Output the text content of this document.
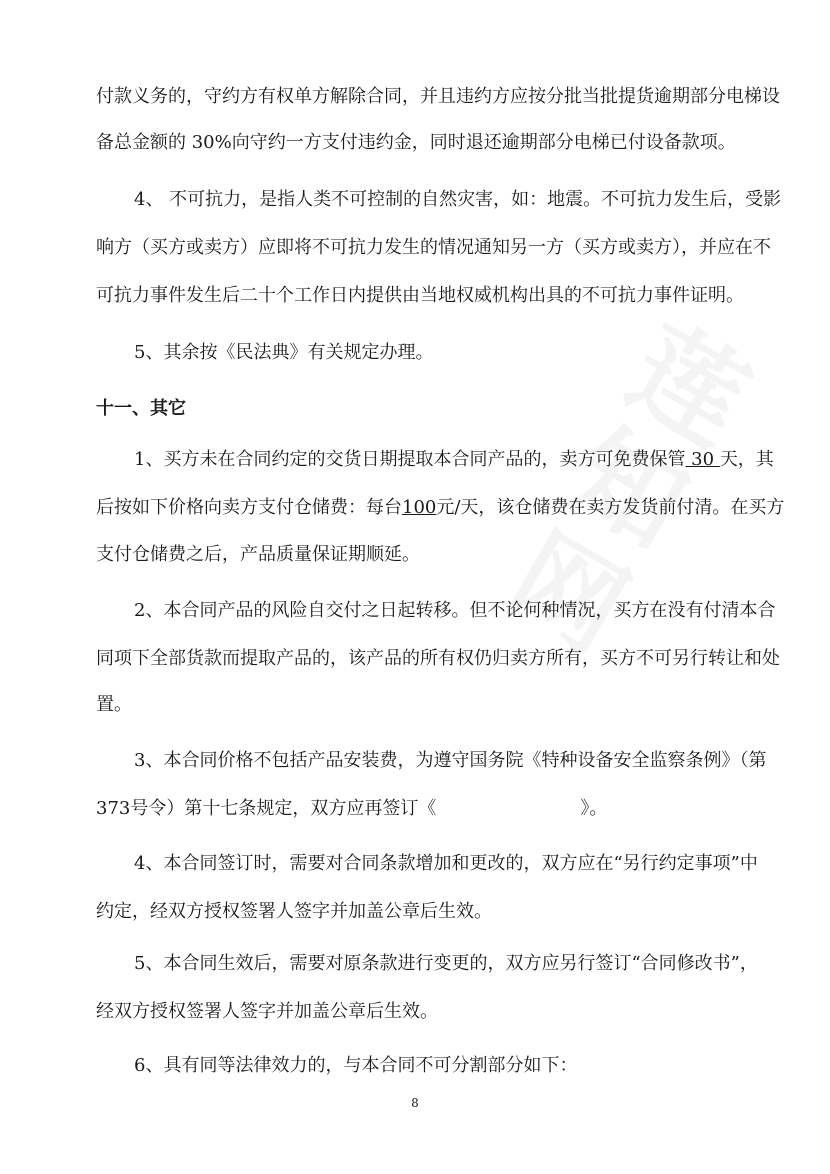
付款义务的，守约方有权单方解除合同，并且违约方应按分批当批提货逾期部分电梯设
备总金额的 30%向守约一方支付违约金，同时退还逾期部分电梯已付设备款项。
4、 不可抗力，是指人类不可控制的自然灾害，如：地震。不可抗力发生后，受影
响方（买方或卖方）应即将不可抗力发生的情况通知另一方（买方或卖方），并应在不
可抗力事件发生后二十个工作日内提供由当地权威机构出具的不可抗力事件证明。
5、其余按《民法典》有关规定办理。
十一、其它
1、买方未在合同约定的交货日期提取本合同产品的，卖方可免费保管 30 天，其
后按如下价格向卖方支付仓储费：每台100元/天，该仓储费在卖方发货前付清。在买方
支付仓储费之后，产品质量保证期顺延。
2、本合同产品的风险自交付之日起转移。但不论何种情况，买方在没有付清本合
同项下全部货款而提取产品的，该产品的所有权仍归卖方所有，买方不可另行转让和处
置。
3、本合同价格不包括产品安装费，为遵守国务院《特种设备安全监察条例》（第
373号令）第十七条规定，双方应再签订《　　　　　　　　》。
4、本合同签订时，需要对合同条款增加和更改的，双方应在“另行约定事项”中
约定，经双方授权签署人签字并加盖公章后生效。
5、本合同生效后，需要对原条款进行变更的，双方应另行签订“合同修改书”，
经双方授权签署人签字并加盖公章后生效。
6、具有同等法律效力的，与本合同不可分割部分如下：
8
